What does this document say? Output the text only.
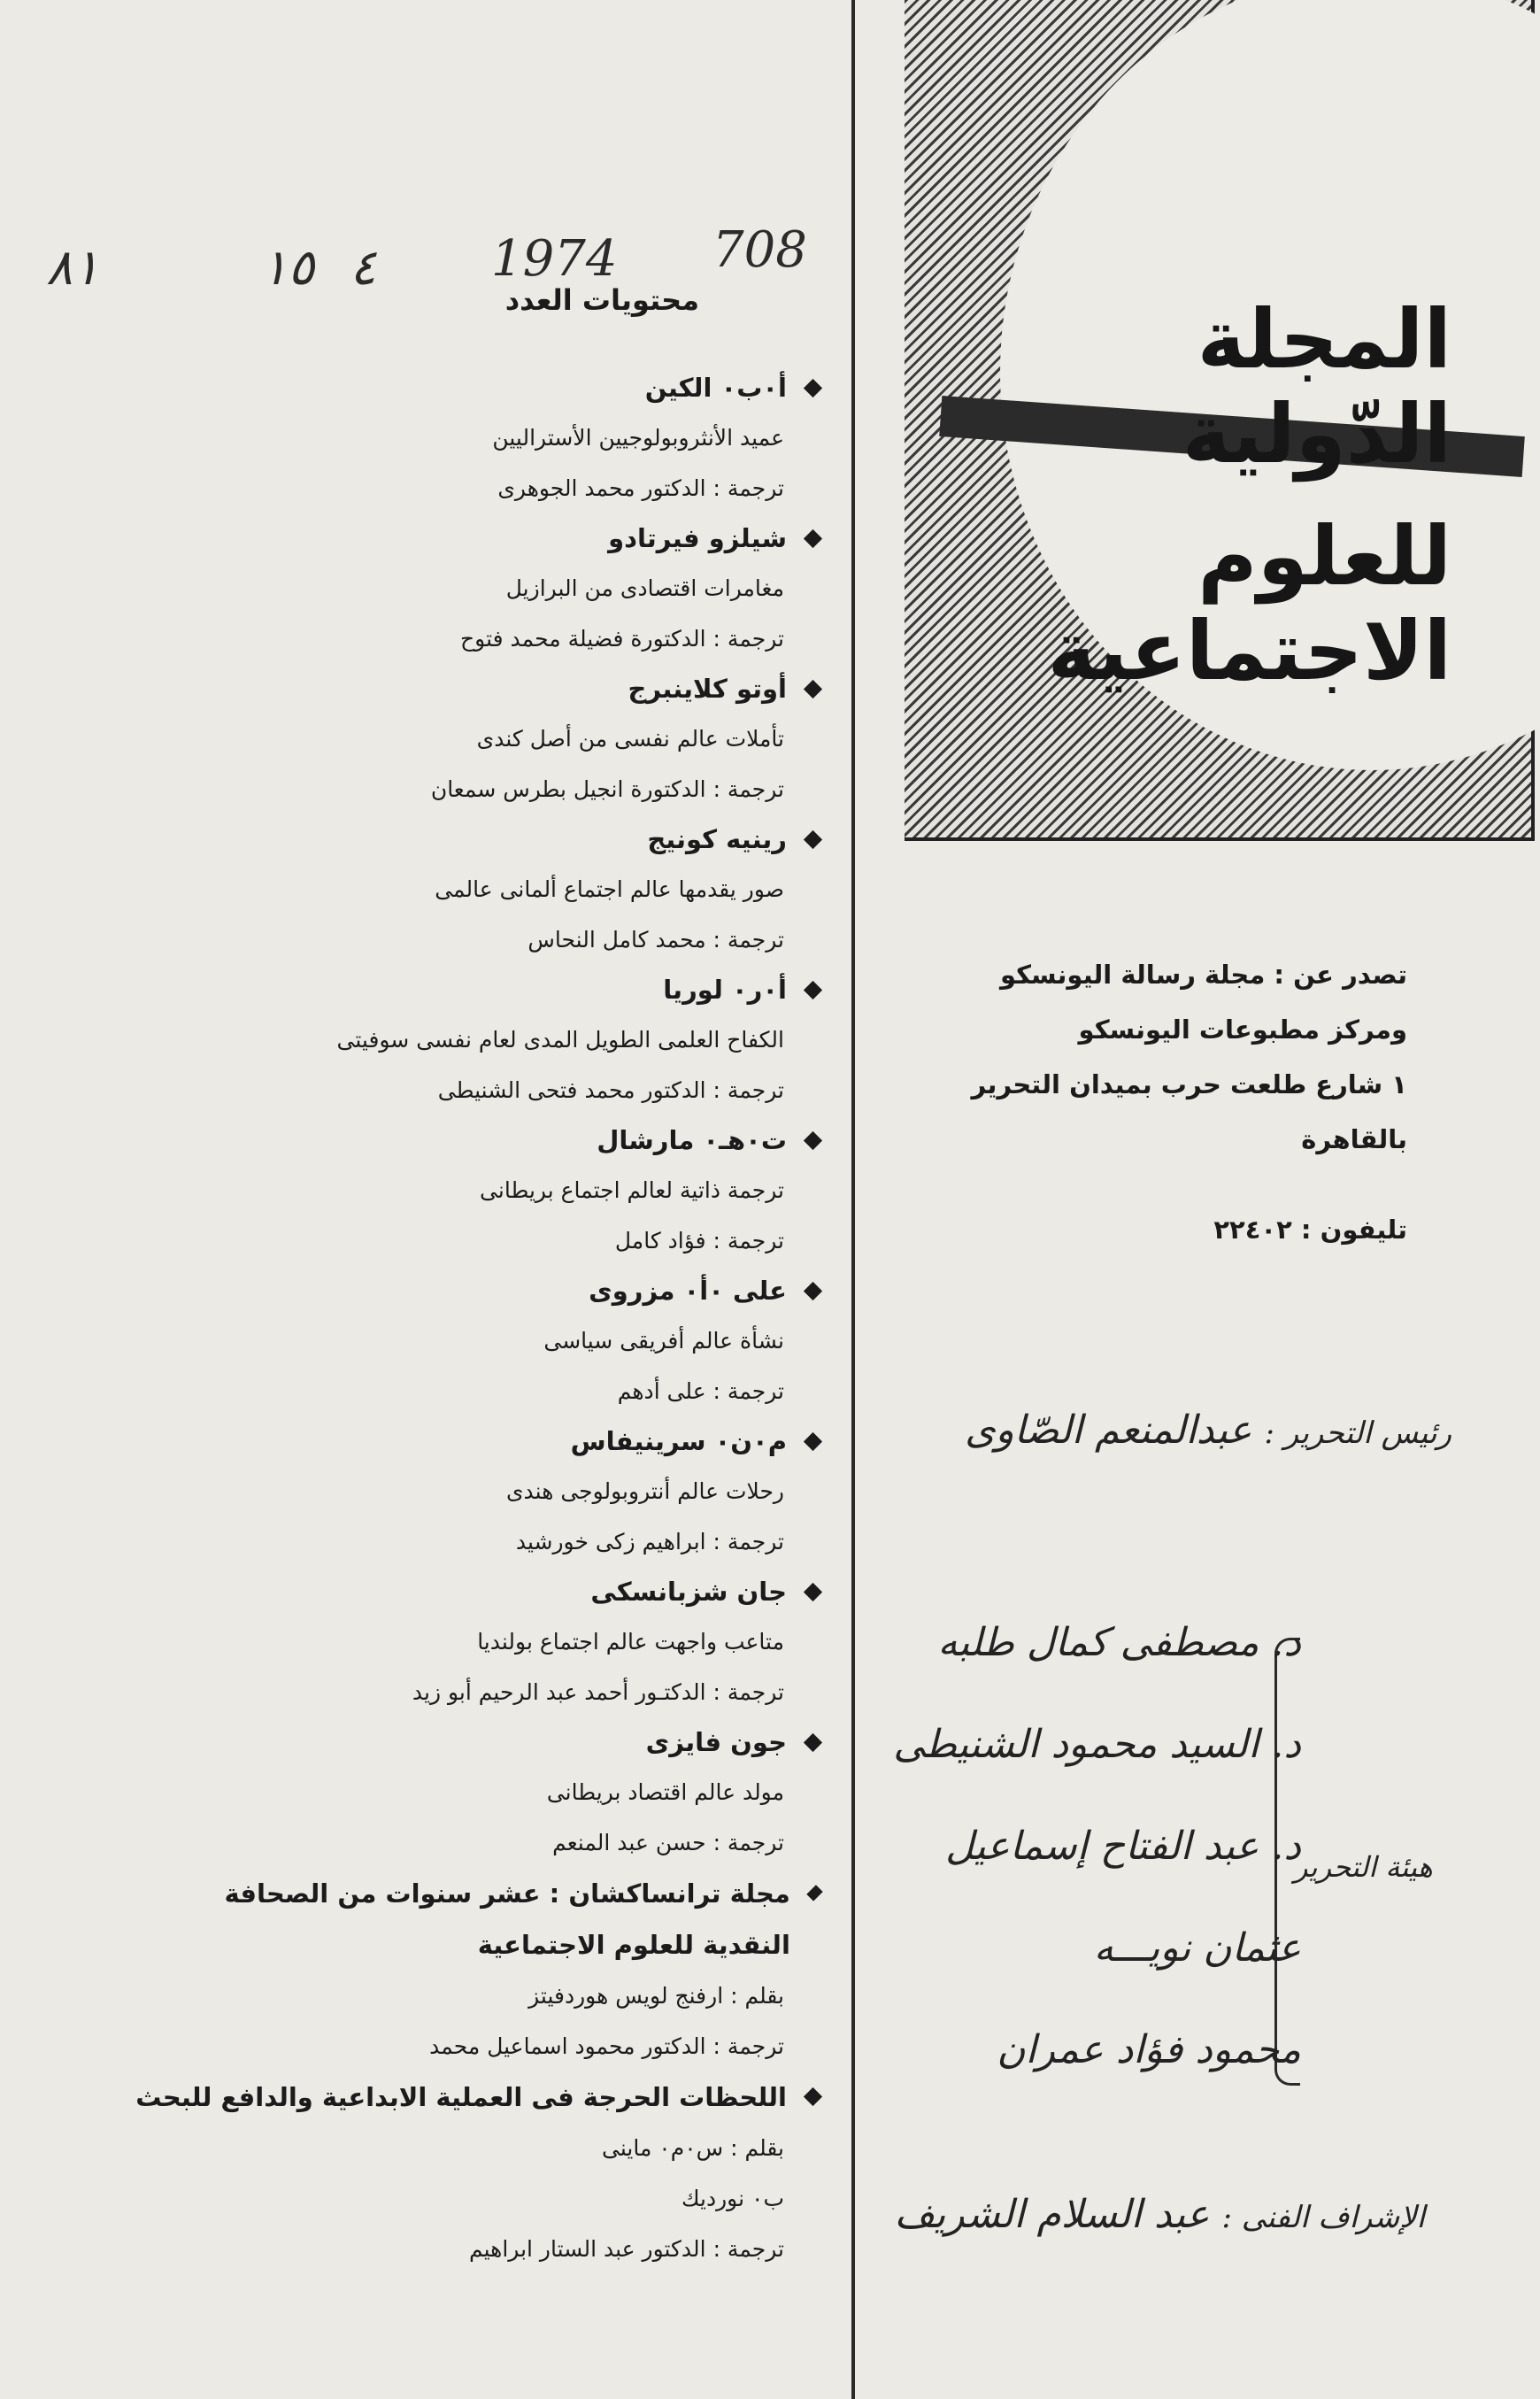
708
1974
٤
١٥
٨١
محتويات العدد
أ٠ب٠ الكين
عميد الأنثروبولوجيين الأستراليين
ترجمة : الدكتور محمد الجوهرى
شيلزو فيرتادو
مغامرات اقتصادى من البرازيل
ترجمة : الدكتورة فضيلة محمد فتوح
أوتو كلاينبرج
تأملات عالم نفسى من أصل كندى
ترجمة : الدكتورة انجيل بطرس سمعان
رينيه كونيج
صور يقدمها عالم اجتماع ألمانى عالمى
ترجمة : محمد كامل النحاس
أ٠ر٠ لوريا
الكفاح العلمى الطويل المدى لعام نفسى سوفيتى
ترجمة : الدكتور محمد فتحى الشنيطى
ت٠هـ٠ مارشال
ترجمة ذاتية لعالم اجتماع بريطانى
ترجمة : فؤاد كامل
على ٠أ٠ مزروى
نشأة عالم أفريقى سياسى
ترجمة : على أدهم
م٠ن٠ سرينيفاس
رحلات عالم أنتروبولوجى هندى
ترجمة : ابراهيم زكى خورشيد
جان شزبانسكى
متاعب واجهت عالم اجتماع بولنديا
ترجمة : الدكتـور أحمد عبد الرحيم أبو زيد
جون فايزى
مولد عالم اقتصاد بريطانى
ترجمة : حسن عبد المنعم
مجلة ترانساكشان : عشر سنوات من الصحافة النقدية للعلوم الاجتماعية
بقلم : ارفنج لويس هوردفيتز
ترجمة : الدكتور محمود اسماعيل محمد
اللحظات الحرجة فى العملية الابداعية والدافع للبحث
بقلم : س٠م٠ ماينى
ب٠ نورديك
ترجمة : الدكتور عبد الستار ابراهيم
المجلة الدّولية
للعلوم الاجتماعية
تصدر عن : مجلة رسالة اليونسكو
ومركز مطبوعات اليونسكو
١ شارع طلعت حرب بميدان التحرير
بالقاهرة
تليفون : ٢٢٤٠٢
رئيس التحرير : عبدالمنعم الصّاوى
د. مصطفى كمال طلبه
د. السيد محمود الشنيطى
د. عبد الفتاح إسماعيل
عثمان نويـــه
محمود فؤاد عمران
هيئة التحرير
الإشراف الفنى : عبد السلام الشريف
